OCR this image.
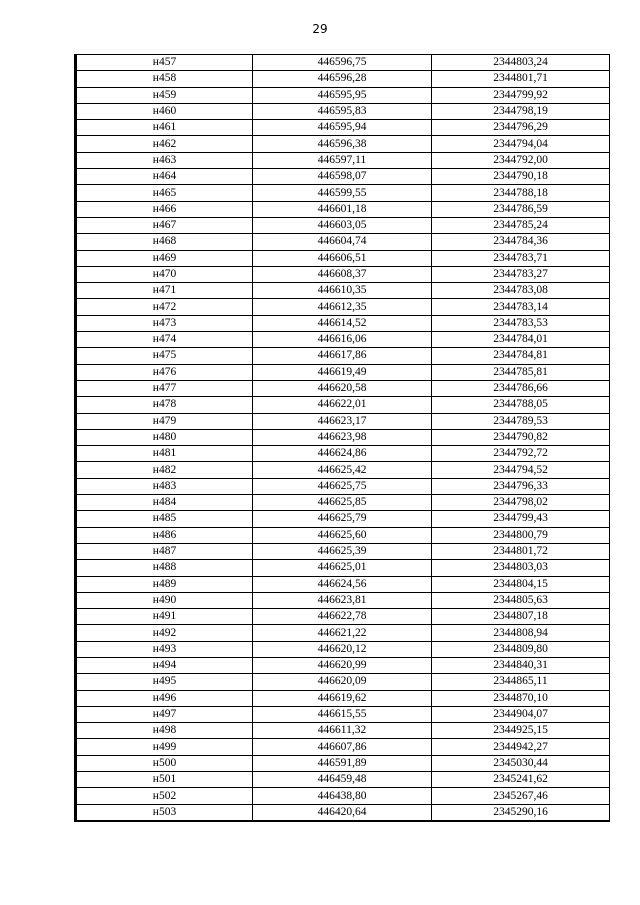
29
н457	446596,75	2344803,24
н458	446596,28	2344801,71
н459	446595,95	2344799,92
н460	446595,83	2344798,19
н461	446595,94	2344796,29
н462	446596,38	2344794,04
н463	446597,11	2344792,00
н464	446598,07	2344790,18
н465	446599,55	2344788,18
н466	446601,18	2344786,59
н467	446603,05	2344785,24
н468	446604,74	2344784,36
н469	446606,51	2344783,71
н470	446608,37	2344783,27
н471	446610,35	2344783,08
н472	446612,35	2344783,14
н473	446614,52	2344783,53
н474	446616,06	2344784,01
н475	446617,86	2344784,81
н476	446619,49	2344785,81
н477	446620,58	2344786,66
н478	446622,01	2344788,05
н479	446623,17	2344789,53
н480	446623,98	2344790,82
н481	446624,86	2344792,72
н482	446625,42	2344794,52
н483	446625,75	2344796,33
н484	446625,85	2344798,02
н485	446625,79	2344799,43
н486	446625,60	2344800,79
н487	446625,39	2344801,72
н488	446625,01	2344803,03
н489	446624,56	2344804,15
н490	446623,81	2344805,63
н491	446622,78	2344807,18
н492	446621,22	2344808,94
н493	446620,12	2344809,80
н494	446620,99	2344840,31
н495	446620,09	2344865,11
н496	446619,62	2344870,10
н497	446615,55	2344904,07
н498	446611,32	2344925,15
н499	446607,86	2344942,27
н500	446591,89	2345030,44
н501	446459,48	2345241,62
н502	446438,80	2345267,46
н503	446420,64	2345290,16
